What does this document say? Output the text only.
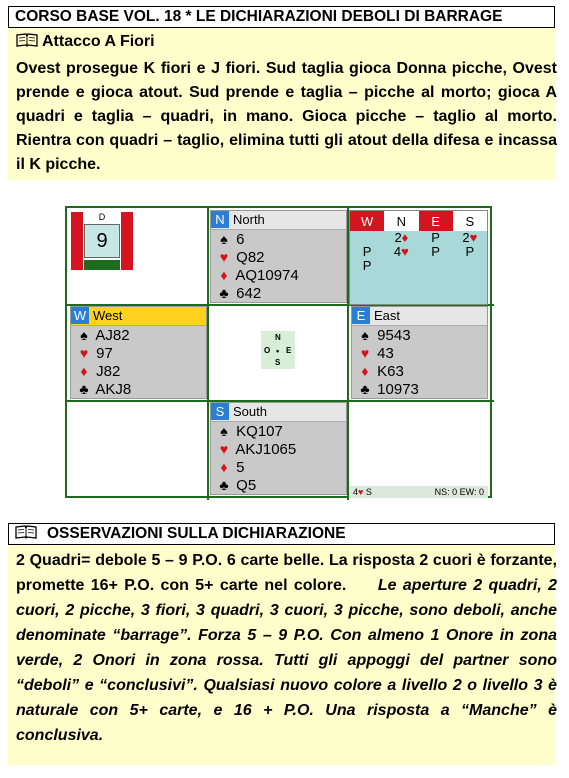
CORSO BASE VOL. 18 * LE DICHIARAZIONI DEBOLI DI BARRAGE
Attacco A Fiori
Ovest prosegue K fiori e J fiori. Sud taglia gioca Donna picche, Ovest prende e gioca atout. Sud prende e taglia – picche al morto; gioca A quadri e taglia – quadri, in mano. Gioca picche – taglio al morto. Rientra con quadri – taglio, elimina tutti gli atout della difesa e incassa il K picche.
D
9
N North
♠ 6
♥ Q82
♦ AQ10974
♣ 642
W	N	E	S
	2♦	P	2♥
P	4♥	P	P
P			
W West
♠ AJ82
♥ 97
♦ J82
♣ AKJ8
N
O • E
S
E East
♠ 9543
♥ 43
♦ K63
♣ 10973
S South
♠ KQ107
♥ AKJ1065
♦ 5
♣ Q5	4♥ S	NS: 0 EW: 0
OSSERVAZIONI SULLA DICHIARAZIONE
2 Quadri= debole 5 – 9 P.O. 6 carte belle. La risposta 2 cuori è forzante, promette 16+ P.O. con 5+ carte nel colore. Le aperture 2 quadri, 2 cuori, 2 picche, 3 fiori, 3 quadri, 3 cuori, 3 picche, sono deboli, anche denominate “barrage”. Forza 5 – 9 P.O. Con almeno 1 Onore in zona verde, 2 Onori in zona rossa. Tutti gli appoggi del partner sono “deboli” e “conclusivi”. Qualsiasi nuovo colore a livello 2 o livello 3 è naturale con 5+ carte, e 16 + P.O. Una risposta a “Manche” è conclusiva.
